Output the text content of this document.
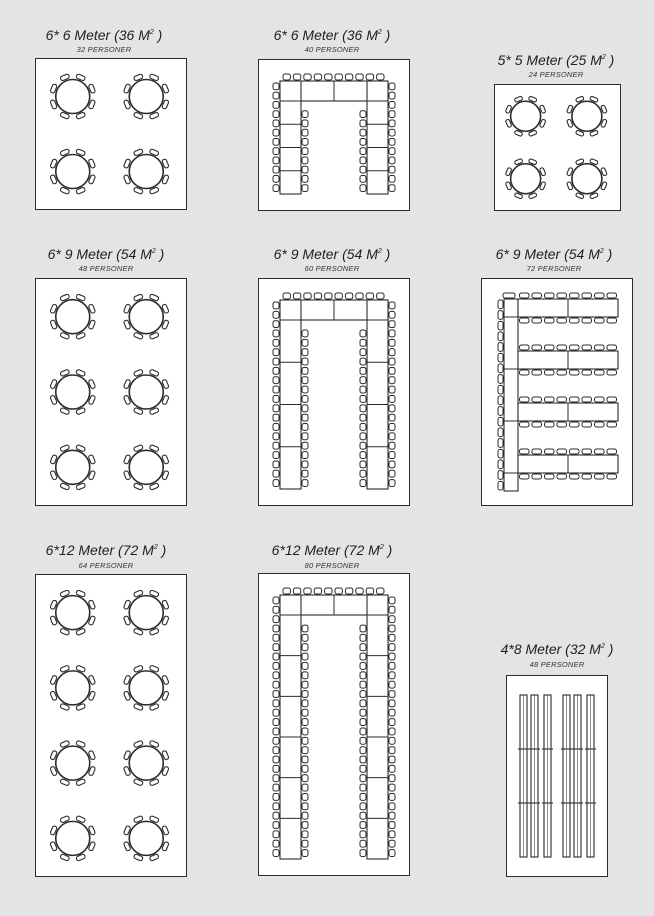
6* 6 Meter (36 $M^2$ )
32 PERSONER
6* 6 Meter (36 $M^2$ )
40 PERSONER
5* 5 Meter (25 $M^2$ )
24 PERSONER
6* 9 Meter (54 $M^2$ )
48 PERSONER
6* 9 Meter (54 $M^2$ )
60 PERSONER
6* 9 Meter (54 $M^2$ )
72 PERSONER
6*12 Meter (72 $M^2$ )
64 PERSONER
6*12 Meter (72 $M^2$ )
80 PERSONER
4*8 Meter (32 $M^2$ )
48 PERSONER
